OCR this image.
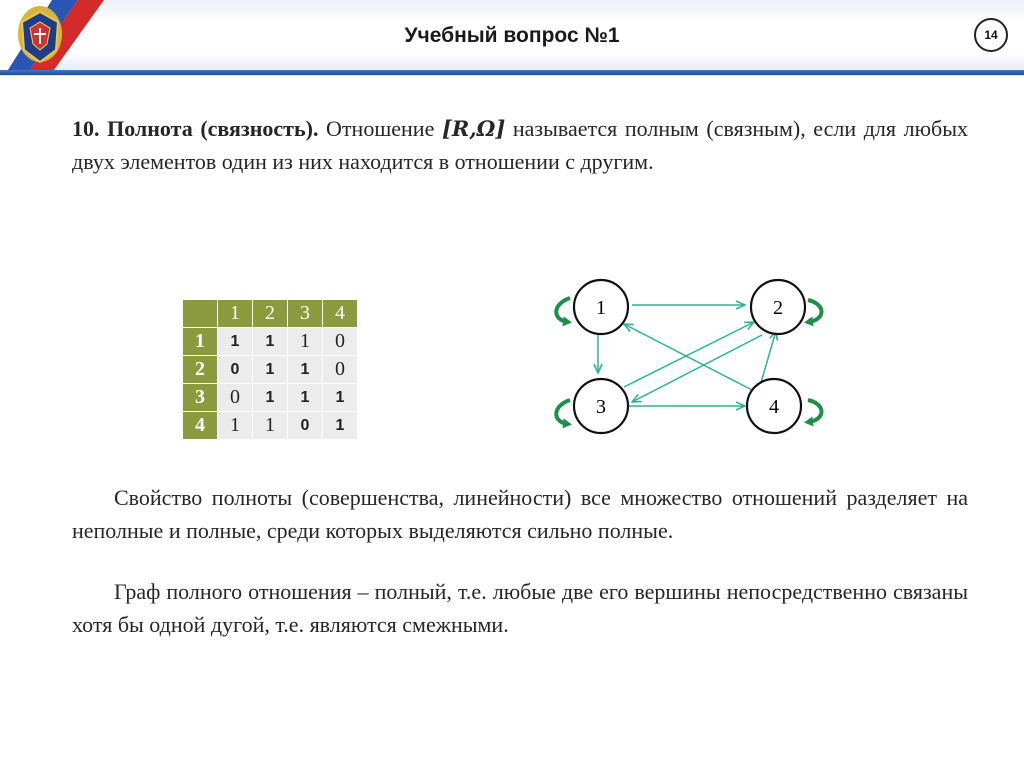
Учебный вопрос №1	14
10. Полнота (связность). Отношение [R,Ω] называется полным (связным), если для любых двух элементов один из них находится в отношении с другим.
	1	2	3	4
1	1	1	1	0
2	0	1	1	0
3	0	1	1	1
4	1	1	0	1
1	2
3	4
Свойство полноты (совершенства, линейности) все множество отношений разделяет на неполные и полные, среди которых выделяются сильно полные.
Граф полного отношения – полный, т.е. любые две его вершины непосредственно связаны хотя бы одной дугой, т.е. являются смежными.
